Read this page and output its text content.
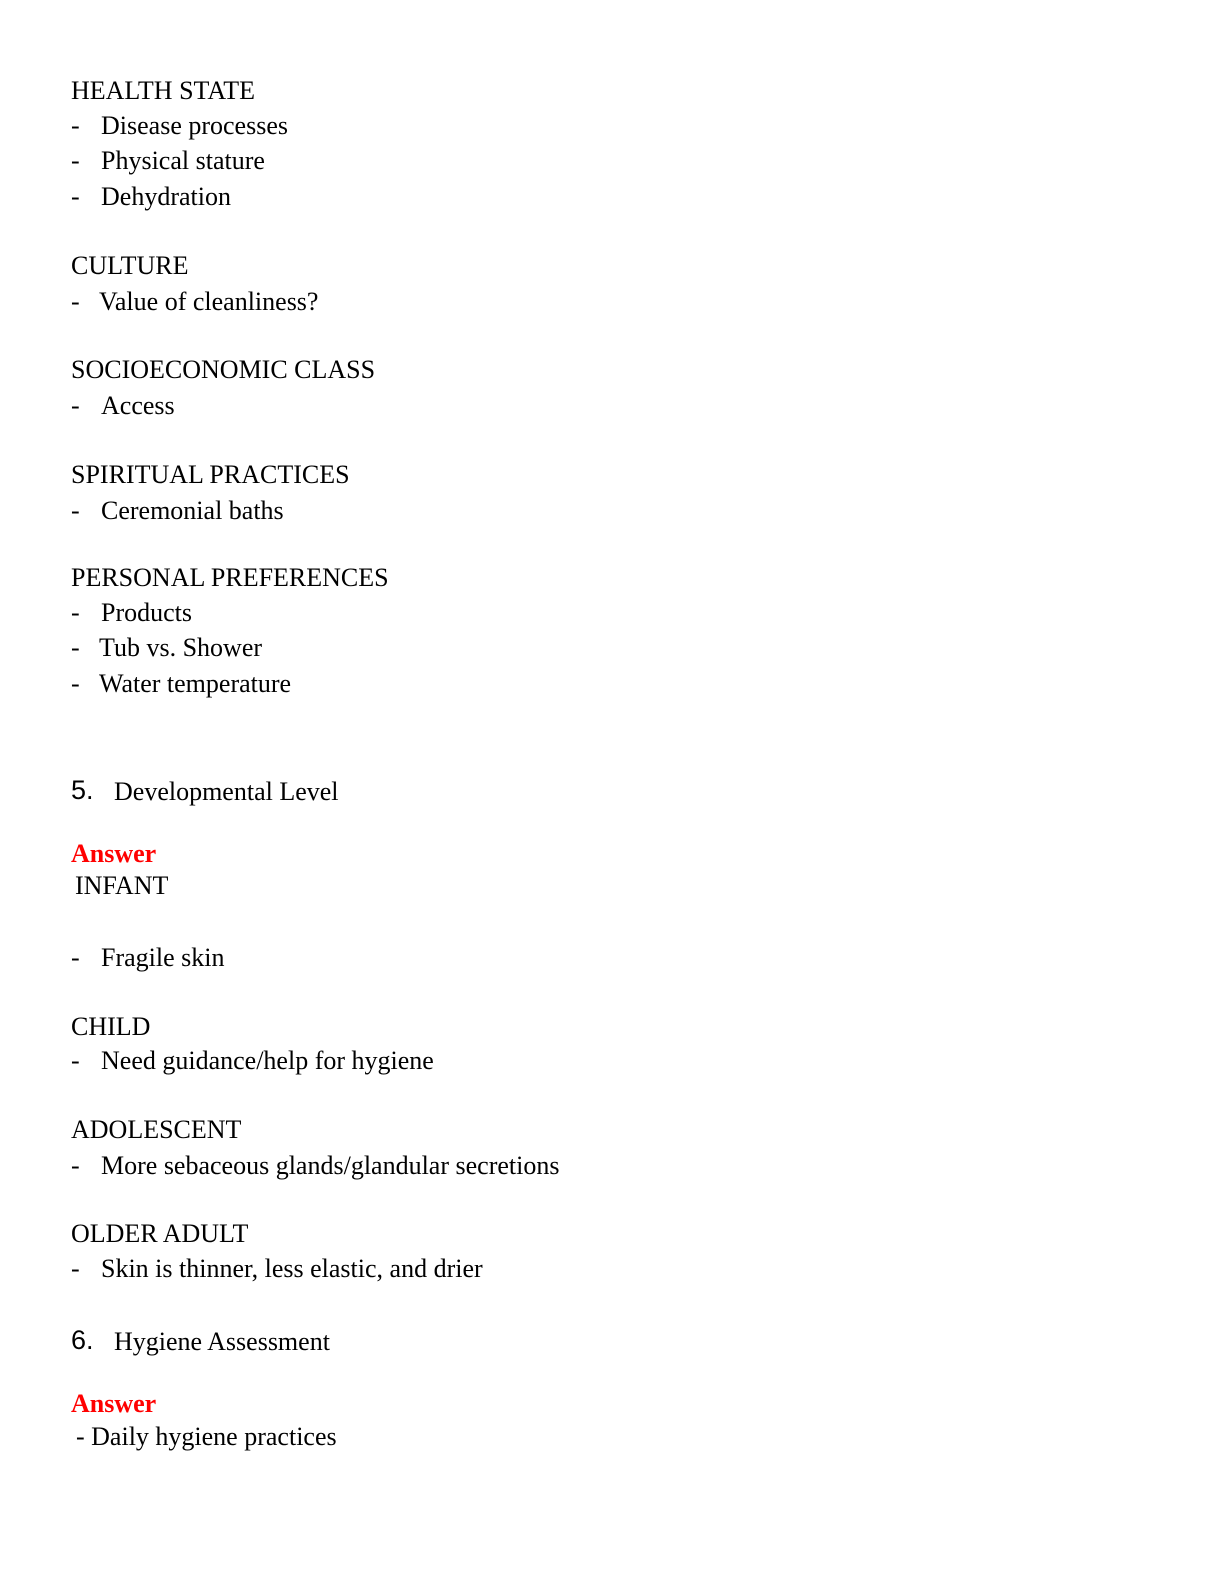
HEALTH STATE
- Disease processes
- Physical stature
- Dehydration
CULTURE
- Value of cleanliness?
SOCIOECONOMIC CLASS
- Access
SPIRITUAL PRACTICES
- Ceremonial baths
PERSONAL PREFERENCES
- Products
- Tub vs. Shower
- Water temperature
5. Developmental Level
Answer
INFANT
- Fragile skin
CHILD
- Need guidance/help for hygiene
ADOLESCENT
- More sebaceous glands/glandular secretions
OLDER ADULT
- Skin is thinner, less elastic, and drier
6. Hygiene Assessment
Answer
- Daily hygiene practices
